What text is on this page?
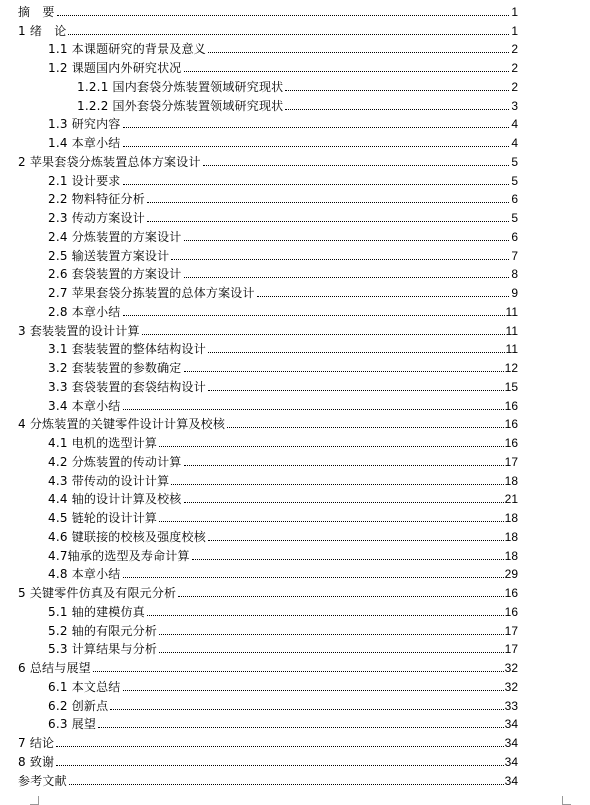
摘　要	1
1 绪　论	1
1.1 本课题研究的背景及意义	2
1.2 课题国内外研究状况	2
1.2.1 国内套袋分炼装置领域研究现状	2
1.2.2 国外套袋分炼装置领域研究现状	3
1.3 研究内容	4
1.4 本章小结	4
2 苹果套袋分炼装置总体方案设计	5
2.1 设计要求	5
2.2 物料特征分析	6
2.3 传动方案设计	5
2.4 分炼装置的方案设计	6
2.5 输送装置方案设计	7
2.6 套袋装置的方案设计	8
2.7 苹果套袋分拣装置的总体方案设计	9
2.8 本章小结	11
3 套装装置的设计计算	11
3.1 套装装置的整体结构设计	11
3.2 套装装置的参数确定	12
3.3 套袋装置的套袋结构设计	15
3.4 本章小结	16
4 分炼装置的关键零件设计计算及校核	16
4.1 电机的选型计算	16
4.2 分炼装置的传动计算	17
4.3 带传动的设计计算	18
4.4 轴的设计计算及校核	21
4.5 链轮的设计计算	18
4.6 键联接的校核及强度校核	18
4.7轴承的选型及寿命计算	18
4.8 本章小结	29
5 关键零件仿真及有限元分析	16
5.1 轴的建模仿真	16
5.2 轴的有限元分析	17
5.3 计算结果与分析	17
6 总结与展望	32
6.1 本文总结	32
6.2 创新点	33
6.3 展望	34
7 结论	34
8 致谢	34
参考文献	34
